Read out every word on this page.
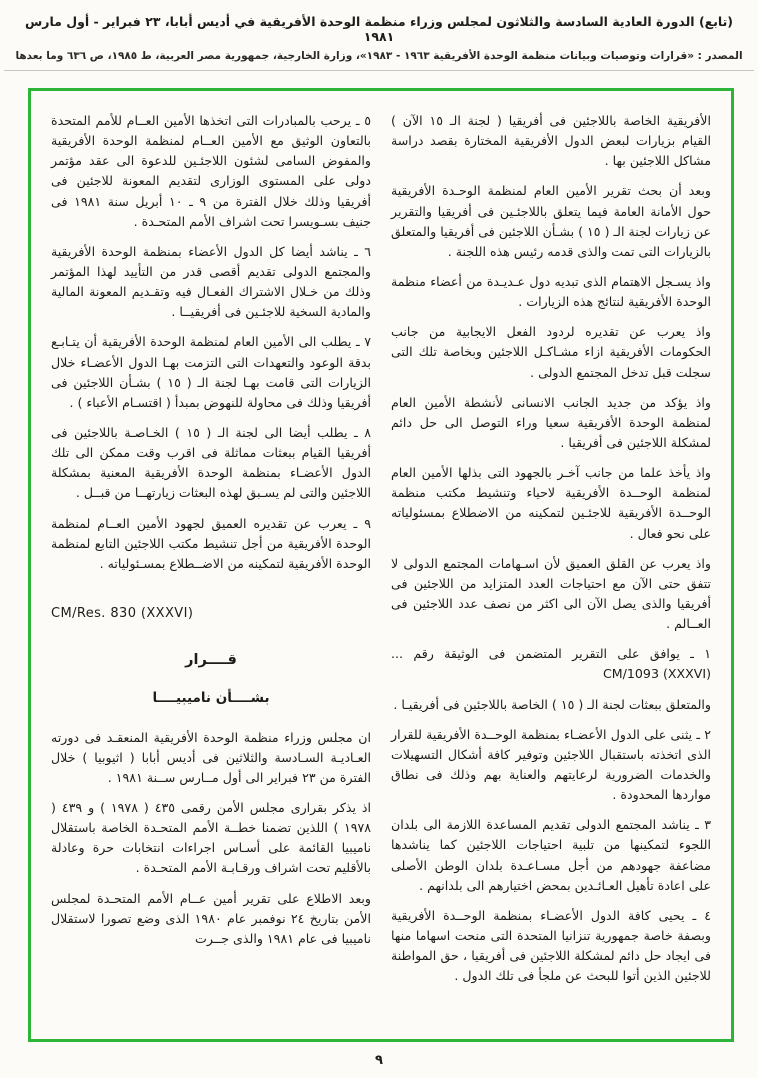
(تابع) الدورة العادية السادسة والثلاثون لمجلس وزراء منظمة الوحدة الأفريقية في أديس أبابا، ٢٣ فبراير - أول مارس ١٩٨١
المصدر : «قرارات وتوصيات وبيانات منظمة الوحدة الأفريقية ١٩٦٣ - ١٩٨٣»، وزارة الخارجية، جمهورية مصر العربية، ط ١٩٨٥، ص ٦٣٦ وما بعدها

الأفريقية الخاصة باللاجئين فى أفريقيا ( لجنة الـ ١٥ الآن ) القيام بزيارات لبعض الدول الأفريقية المختارة بقصد دراسة مشاكل اللاجئين بها .

وبعد أن بحث تقرير الأمين العام لمنظمة الوحـدة الأفريقية حول الأمانة العامة فيما يتعلق باللاجئـين فى أفريقيا والتقرير عن زيارات لجنة الـ ( ١٥ ) بشـأن اللاجئين فى أفريقيا والمتعلق بالزيارات التى تمت والذى قدمه رئيس هذه اللجنة .

واذ يسـجل الاهتمام الذى تبديه دول عـديـدة من أعضاء منظمة الوحدة الأفريقية لنتائج هذه الزيارات .

واذ يعرب عن تقديره لردود الفعل الايجابية من جانب الحكومات الأفريقية ازاء مشـاكـل اللاجئين وبخاصة تلك التى سجلت قبل تدخل المجتمع الدولى .

واذ يؤكد من جديد الجانب الانسانى لأنشطة الأمين العام لمنظمة الوحدة الأفريقية سعيا وراء التوصل الى حل دائم لمشكلة اللاجئين فى أفريقيا .

واذ يأخذ علما من جانب آخـر بالجهود التى بذلها الأمين العام لمنظمة الوحــدة الأفريقية لاحياء وتنشيط مكتب منظمة الوحــدة الأفريقية للاجئـين لتمكينه من الاضطلاع بمسئولياته على نحو فعال .

واذ يعرب عن القلق العميق لأن اسـهامات المجتمع الدولى لا تتفق حتى الآن مع احتياجات العدد المتزايد من اللاجئين فى أفريقيا والذى يصل الآن الى اكثر من نصف عدد اللاجئين فى العــالم .

١ ـ يوافق على التقرير المتضمن فى الوثيقة رقم ... CM/1093 (XXXVI)

والمتعلق ببعثات لجنة الـ ( ١٥ ) الخاصة باللاجئين فى أفريقيـا .

٢ ـ يثنى على الدول الأعضـاء بمنظمة الوحــدة الأفريقية للقرار الذى اتخذته باستقبال اللاجئين وتوفير كافة أشكال التسهيلات والخدمات الضرورية لرعايتهم والعناية بهم وذلك فى نطاق مواردها المحدودة .

٣ ـ يناشد المجتمع الدولى تقديم المساعدة اللازمة الى بلدان اللجوء لتمكينها من تلبية احتياجات اللاجئين كما يناشدها مضاعفة جهودهم من أجل مسـاعـدة بلدان الوطن الأصلى على اعادة تأهيل العـائـدين بمحض اختيارهم الى بلدانهم .

٤ ـ يحيى كافة الدول الأعضـاء بمنظمة الوحــدة الأفريقية وبصفة خاصة جمهورية تنزانيا المتحدة التى منحت اسهاما منها فى ايجاد حل دائم لمشكلة اللاجئين فى أفريقيا ، حق المواطنة للاجئين الذين أتوا للبحث عن ملجأ فى تلك الدول .

٥ ـ يرحب بالمبادرات التى اتخذها الأمين العــام للأمم المتحدة بالتعاون الوثيق مع الأمين العــام لمنظمة الوحدة الأفريقية والمفوض السامى لشئون اللاجئـين للدعوة الى عقد مؤتمر دولى على المستوى الوزارى لتقديم المعونة للاجئين فى أفريقيا وذلك خلال الفترة من ٩ ـ ١٠ أبريل سنة ١٩٨١ فى جنيف بسـويسرا تحت اشراف الأمم المتحـدة .

٦ ـ يناشد أيضا كل الدول الأعضاء بمنظمة الوحدة الأفريقية والمجتمع الدولى تقديم أقصى قدر من التأييد لهذا المؤتمر وذلك من خـلال الاشتراك الفعـال فيه وتقـديم المعونة المالية والمادية السخية للاجئـين فى أفريقيــا .

٧ ـ يطلب الى الأمين العام لمنظمة الوحدة الأفريقية أن يتـابـع بدقة الوعود والتعهدات التى التزمت بهـا الدول الأعضـاء خلال الزيارات التى قامت بهـا لجنة الـ ( ١٥ ) بشـأن اللاجئين فى أفريقيا وذلك فى محاولة للنهوض بمبدأ ( اقتسـام الأعباء ) .

٨ ـ يطلب أيضا الى لجنة الـ ( ١٥ ) الخـاصـة باللاجئين فى أفريقيا القيام ببعثات مماثلة فى اقرب وقت ممكن الى تلك الدول الأعضـاء بمنظمة الوحدة الأفريقية المعنية بمشكلة اللاجئين والتى لم يسـبق لهذه البعثات زيارتهــا من قبــل .

٩ ـ يعرب عن تقديره العميق لجهود الأمين العــام لمنظمة الوحدة الأفريقية من أجل تنشيط مكتب اللاجئين التابع لمنظمة الوحدة الأفريقية لتمكينه من الاضــطلاع بمسـئولياته .

CM/Res. 830 (XXXVI)

قــــرار
بشــــأن ناميبيــــا

ان مجلس وزراء منظمة الوحدة الأفريقية المنعقـد فى دورته العـاديـة السـادسة والثلاثين فى أديس أبابا ( اثيوبيا ) خلال الفترة من ٢٣ فبراير الى أول مــارس ســنة ١٩٨١ .

اذ يذكر بقرارى مجلس الأمن رقمى ٤٣٥ ( ١٩٧٨ ) و ٤٣٩ ( ١٩٧٨ ) اللذين تضمنا خطــة الأمم المتحـدة الخاصة باستقلال ناميبيا القائمة على أسـاس اجراءات انتخابات حرة وعادلة بالأقليم تحت اشراف ورقـابـة الأمم المتحـدة .

وبعد الاطلاع على تقرير أمين عــام الأمم المتحـدة لمجلس الأمن بتاريخ ٢٤ نوفمبر عام ١٩٨٠ الذى وضع تصورا لاستقلال ناميبيا فى عام ١٩٨١ والذى جــرت

٩
